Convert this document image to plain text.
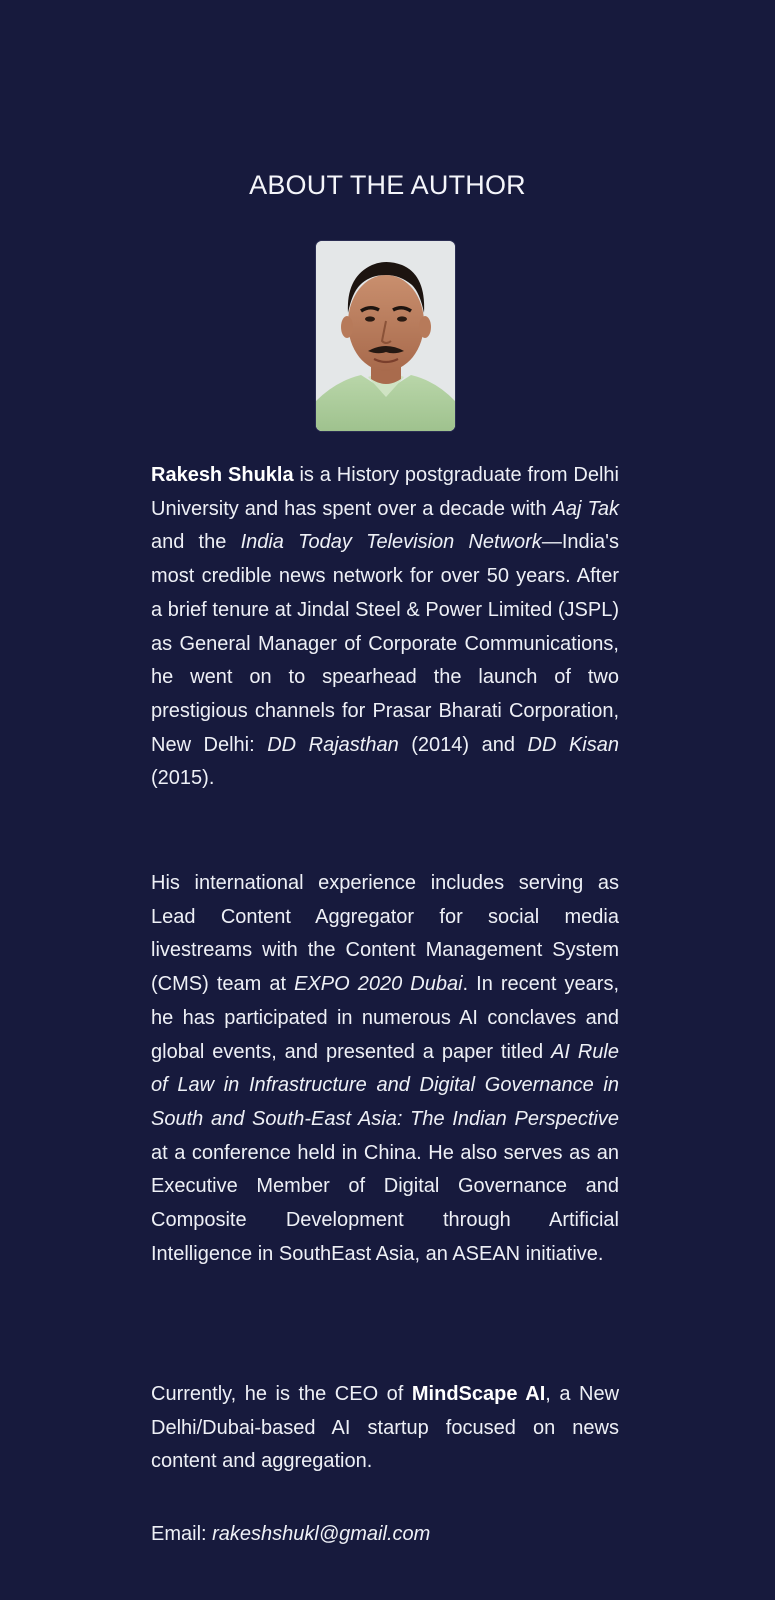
ABOUT THE AUTHOR
Rakesh Shukla is a History postgraduate from Delhi University and has spent over a decade with Aaj Tak and the India Today Television Network—India's most credible news network for over 50 years. After a brief tenure at Jindal Steel & Power Limited (JSPL) as General Manager of Corporate Communications, he went on to spearhead the launch of two prestigious channels for Prasar Bharati Corporation, New Delhi: DD Rajasthan (2014) and DD Kisan (2015).
His international experience includes serving as Lead Content Aggregator for social media livestreams with the Content Management System (CMS) team at EXPO 2020 Dubai. In recent years, he has participated in numerous AI conclaves and global events, and presented a paper titled AI Rule of Law in Infrastructure and Digital Governance in South and South-East Asia: The Indian Perspective at a conference held in China. He also serves as an Executive Member of Digital Governance and Composite Development through Artificial Intelligence in SouthEast Asia, an ASEAN initiative.
Currently, he is the CEO of MindScape AI, a New Delhi/Dubai-based AI startup focused on news content and aggregation.
Email: rakeshshukl@gmail.com
